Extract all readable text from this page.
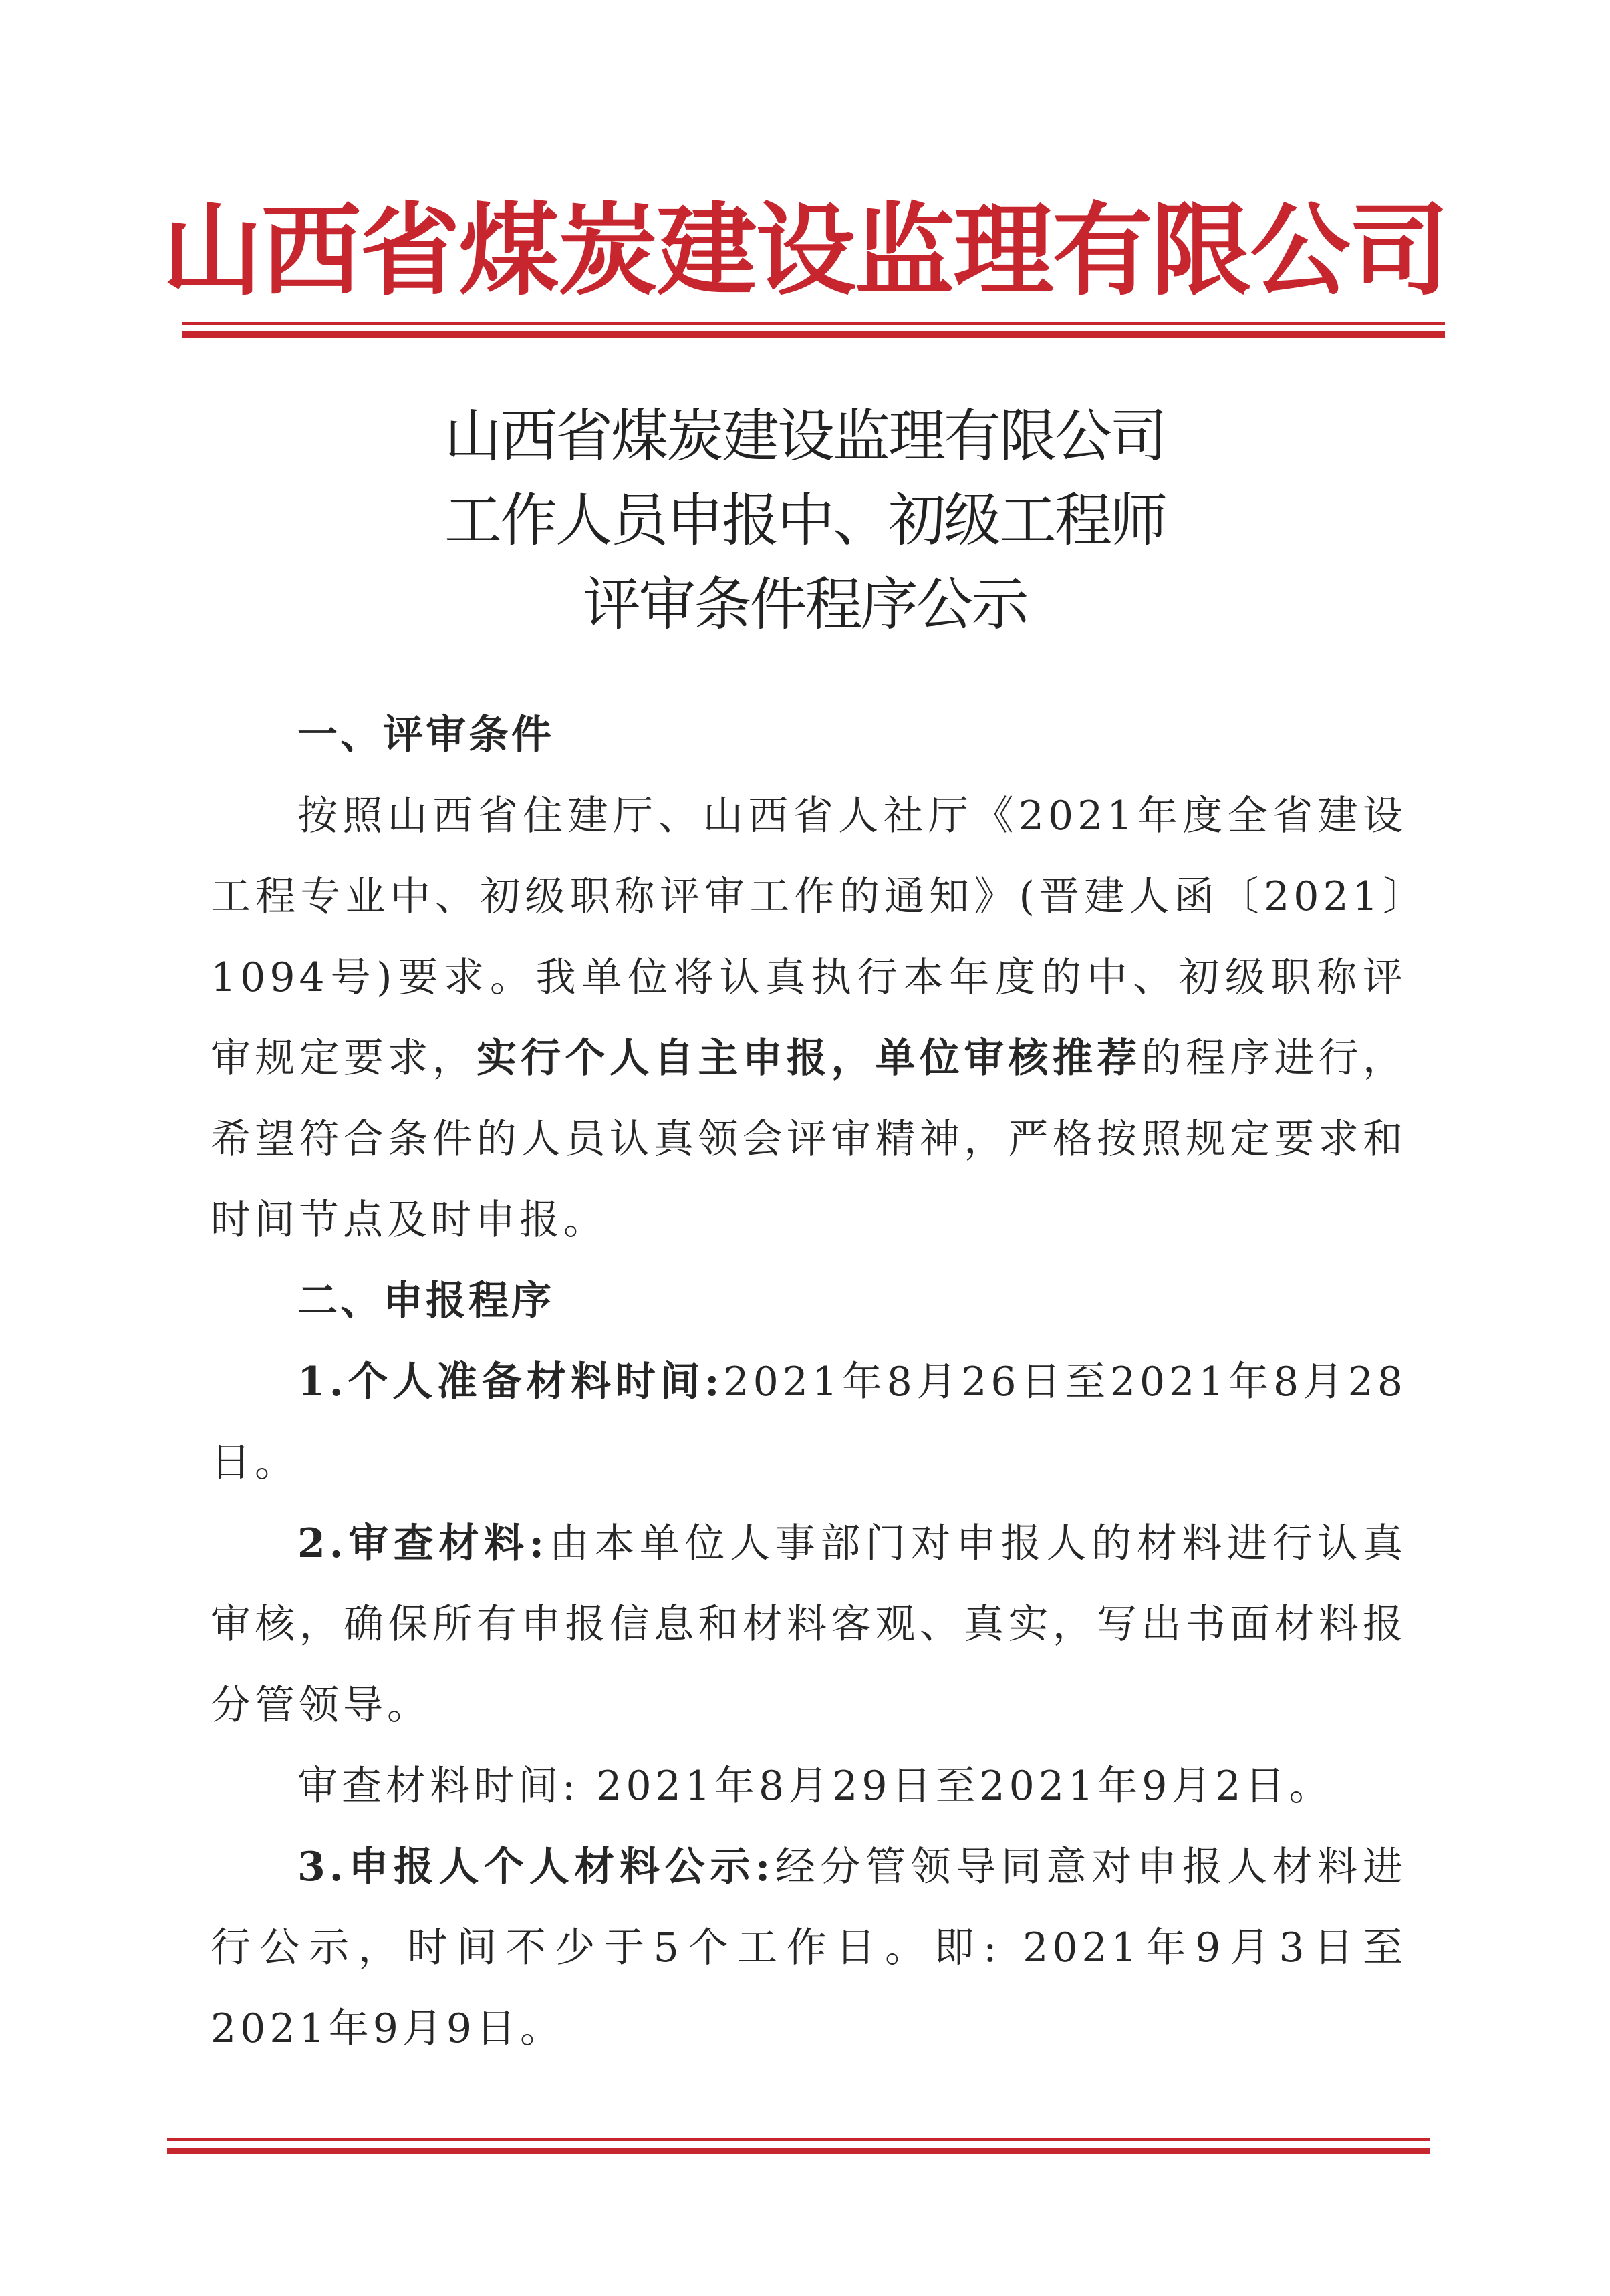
山西省煤炭建设监理有限公司
山西省煤炭建设监理有限公司
工作人员申报中、初级工程师
评审条件程序公示

一、评审条件

按照山西省住建厅、山西省人社厅《2021年度全省建设工程专业中、初级职称评审工作的通知》(晋建人函〔2021〕1094号)要求。我单位将认真执行本年度的中、初级职称评审规定要求，实行个人自主申报，单位审核推荐的程序进行，希望符合条件的人员认真领会评审精神，严格按照规定要求和时间节点及时申报。

二、申报程序

1.个人准备材料时间:2021年8月26日至2021年8月28日。

2.审查材料:由本单位人事部门对申报人的材料进行认真审核，确保所有申报信息和材料客观、真实，写出书面材料报分管领导。

审查材料时间: 2021年8月29日至2021年9月2日。

3.申报人个人材料公示:经分管领导同意对申报人材料进行公示，时间不少于5个工作日。即: 2021年9月3日至2021年9月9日。
